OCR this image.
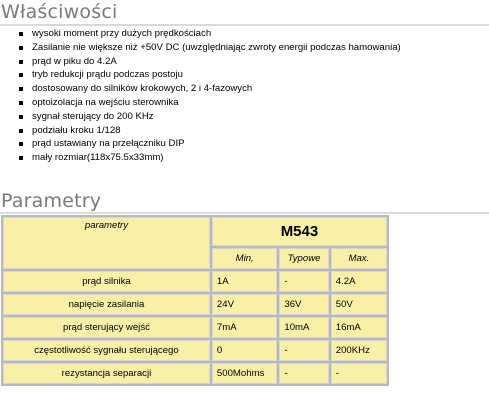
Właściwości
wysoki moment przy dużych prędkościach
Zasilanie nie większe niż +50V DC (uwzględniając zwroty energii podczas hamowania)
prąd w piku do 4.2A
tryb redukcji prądu podczas postoju
dostosowany do silników krokowych, 2 i 4-fazowych
optoizolacja na wejściu sterownika
sygnał sterujący do 200 KHz
podziału kroku 1/128
prąd ustawiany na przełączniku DIP
mały rozmiar(118x75.5x33mm)
Parametry
parametry	M543		
	Min,	Typowe	Max.
prąd silnika	1A	-	4.2A
napięcie zasilania	24V	36V	50V
prąd sterujący wejść	7mA	10mA	16mA
częstotliwość sygnału sterującego	0	-	200KHz
rezystancja separacji	500Mohms	-	-
